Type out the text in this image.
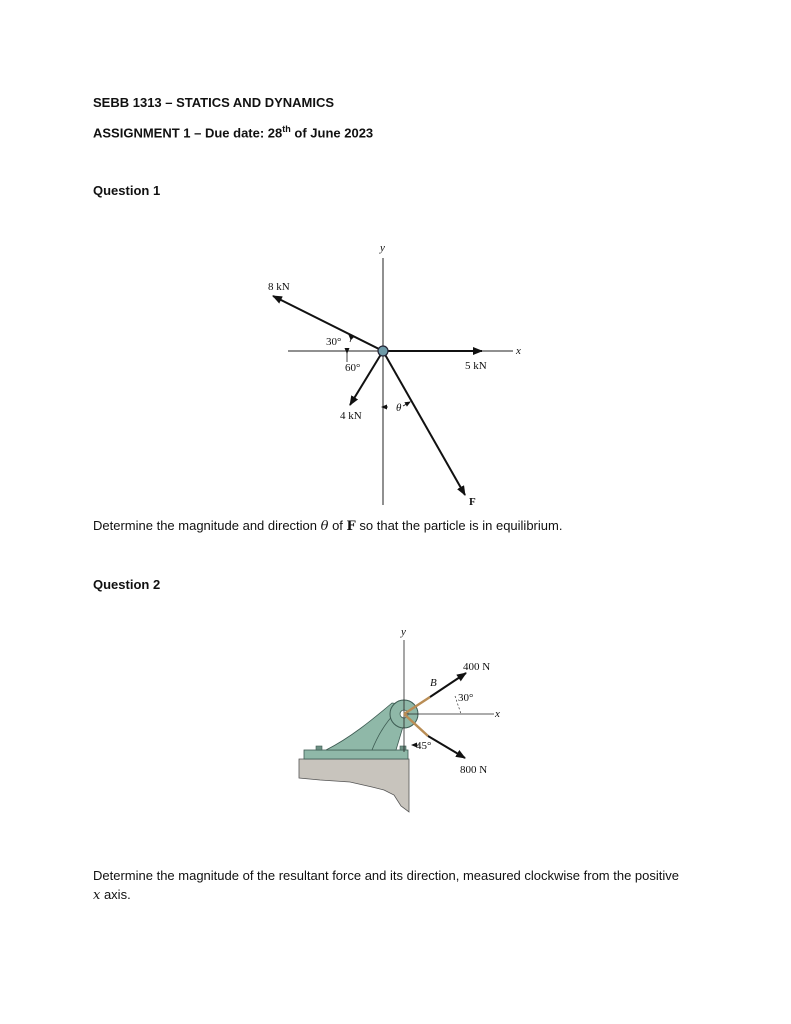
SEBB 1313 – STATICS AND DYNAMICS
ASSIGNMENT 1 – Due date: 28th of June 2023
Question 1
y
x
8 kN
5 kN
4 kN
F
30°
60°
θ
Determine the magnitude and direction θ of F so that the particle is in equilibrium.
Question 2
y
x
400 N
800 N
B
30°
45°
Determine the magnitude of the resultant force and its direction, measured clockwise from the positive
x axis.
